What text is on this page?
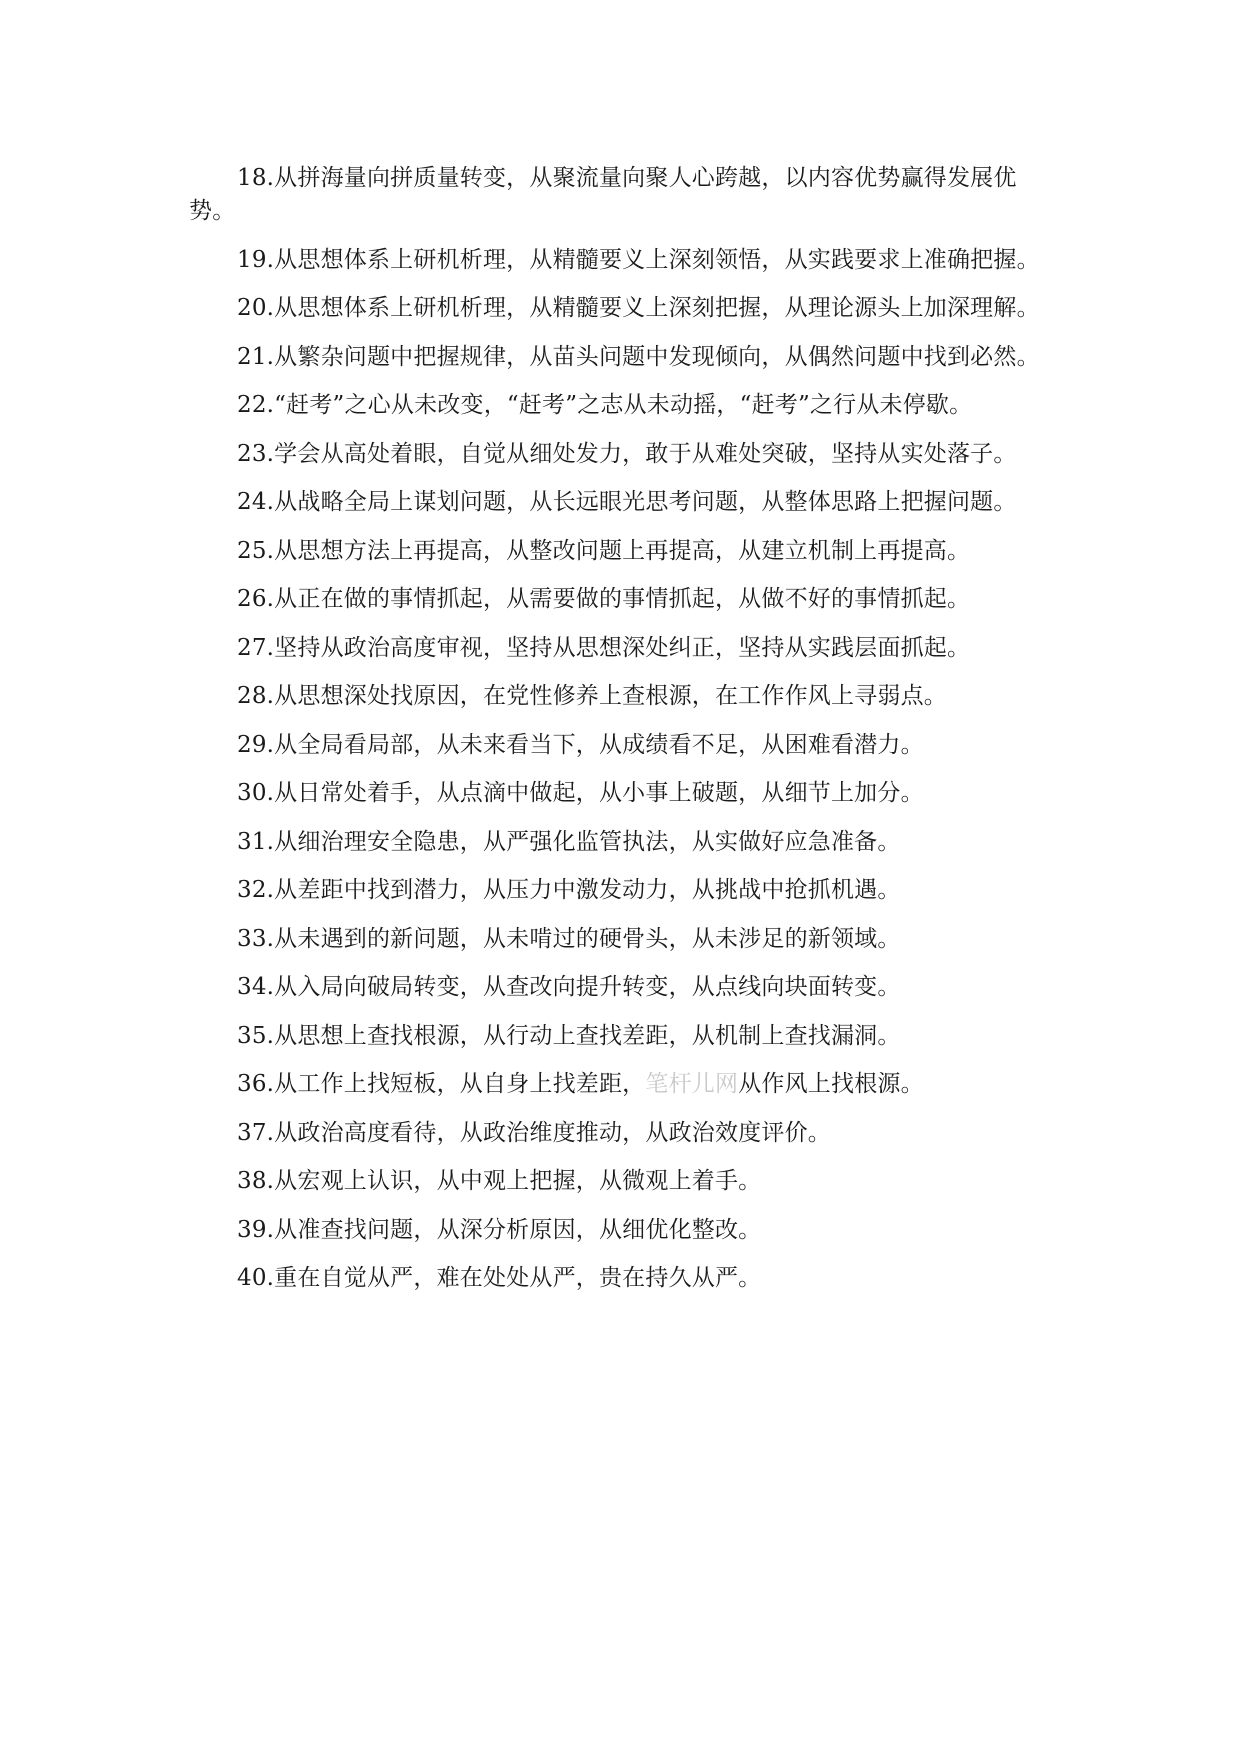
18.从拼海量向拼质量转变，从聚流量向聚人心跨越，以内容优势赢得发展优势。

19.从思想体系上研机析理，从精髓要义上深刻领悟，从实践要求上准确把握。

20.从思想体系上研机析理，从精髓要义上深刻把握，从理论源头上加深理解。

21.从繁杂问题中把握规律，从苗头问题中发现倾向，从偶然问题中找到必然。

22.“赶考”之心从未改变，“赶考”之志从未动摇，“赶考”之行从未停歇。

23.学会从高处着眼，自觉从细处发力，敢于从难处突破，坚持从实处落子。

24.从战略全局上谋划问题，从长远眼光思考问题，从整体思路上把握问题。

25.从思想方法上再提高，从整改问题上再提高，从建立机制上再提高。

26.从正在做的事情抓起，从需要做的事情抓起，从做不好的事情抓起。

27.坚持从政治高度审视，坚持从思想深处纠正，坚持从实践层面抓起。

28.从思想深处找原因，在党性修养上查根源，在工作作风上寻弱点。

29.从全局看局部，从未来看当下，从成绩看不足，从困难看潜力。

30.从日常处着手，从点滴中做起，从小事上破题，从细节上加分。

31.从细治理安全隐患，从严强化监管执法，从实做好应急准备。

32.从差距中找到潜力，从压力中激发动力，从挑战中抢抓机遇。

33.从未遇到的新问题，从未啃过的硬骨头，从未涉足的新领域。

34.从入局向破局转变，从查改向提升转变，从点线向块面转变。

35.从思想上查找根源，从行动上查找差距，从机制上查找漏洞。

36.从工作上找短板，从自身上找差距，笔杆儿网从作风上找根源。

37.从政治高度看待，从政治维度推动，从政治效度评价。

38.从宏观上认识，从中观上把握，从微观上着手。

39.从准查找问题，从深分析原因，从细优化整改。

40.重在自觉从严，难在处处从严，贵在持久从严。
